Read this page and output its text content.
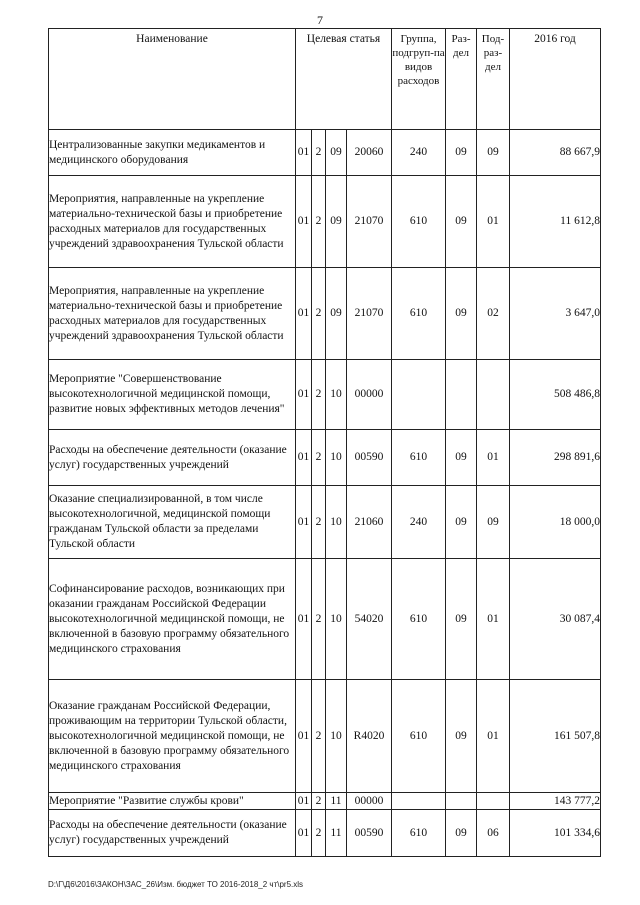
7
Наименование	Целевая статья				Группа, подгруп-па видов расходов	Раз-дел	Под-раз-дел	2016 год
Централизованные закупки медикаментов и медицинского оборудования	01	2	09	20060	240	09	09	88 667,9
Мероприятия, направленные на укрепление материально-технической базы и приобретение расходных материалов для государственных учреждений здравоохранения Тульской области	01	2	09	21070	610	09	01	11 612,8
Мероприятия, направленные на укрепление материально-технической базы и приобретение расходных материалов для государственных учреждений здравоохранения Тульской области	01	2	09	21070	610	09	02	3 647,0
Мероприятие "Совершенствование высокотехнологичной медицинской помощи, развитие новых эффективных методов лечения"	01	2	10	00000				508 486,8
Расходы на обеспечение деятельности (оказание услуг) государственных учреждений	01	2	10	00590	610	09	01	298 891,6
Оказание специализированной, в том числе высокотехнологичной, медицинской помощи гражданам Тульской области за пределами Тульской области	01	2	10	21060	240	09	09	18 000,0
Софинансирование расходов, возникающих при оказании гражданам Российской Федерации высокотехнологичной медицинской помощи, не включенной в базовую программу обязательного медицинского страхования	01	2	10	54020	610	09	01	30 087,4
Оказание гражданам Российской Федерации, проживающим на территории Тульской области, высокотехнологичной медицинской помощи, не включенной в базовую программу обязательного медицинского страхования	01	2	10	R4020	610	09	01	161 507,8
Мероприятие "Развитие службы крови"	01	2	11	00000				143 777,2
Расходы на обеспечение деятельности (оказание услуг) государственных учреждений	01	2	11	00590	610	09	06	101 334,6
D:\Г\Д6\2016\ЗАКОН\ЗАС_26\Изм. бюджет ТО 2016-2018_2 чт\pr5.xls
